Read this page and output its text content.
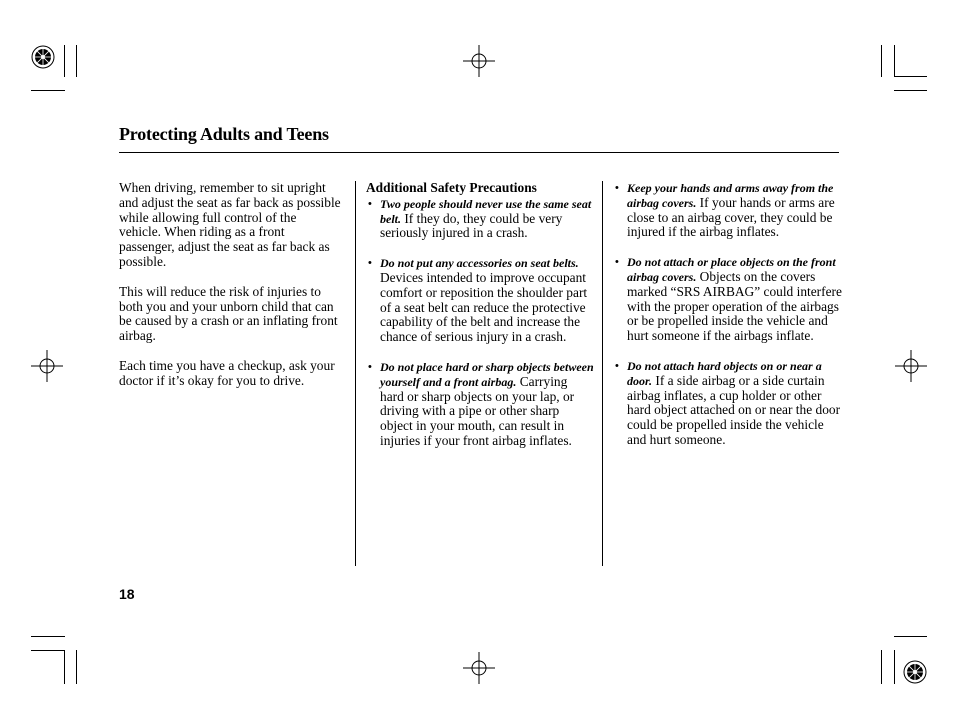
Protecting Adults and Teens

When driving, remember to sit upright and adjust the seat as far back as possible while allowing full control of the vehicle. When riding as a front passenger, adjust the seat as far back as possible.

This will reduce the risk of injuries to both you and your unborn child that can be caused by a crash or an inflating front airbag.

Each time you have a checkup, ask your doctor if it’s okay for you to drive.

Additional Safety Precautions
• Two people should never use the same seat belt. If they do, they could be very seriously injured in a crash.
• Do not put any accessories on seat belts. Devices intended to improve occupant comfort or reposition the shoulder part of a seat belt can reduce the protective capability of the belt and increase the chance of serious injury in a crash.
• Do not place hard or sharp objects between yourself and a front airbag. Carrying hard or sharp objects on your lap, or driving with a pipe or other sharp object in your mouth, can result in injuries if your front airbag inflates.
• Keep your hands and arms away from the airbag covers. If your hands or arms are close to an airbag cover, they could be injured if the airbag inflates.
• Do not attach or place objects on the front airbag covers. Objects on the covers marked “SRS AIRBAG” could interfere with the proper operation of the airbags or be propelled inside the vehicle and hurt someone if the airbags inflate.
• Do not attach hard objects on or near a door. If a side airbag or a side curtain airbag inflates, a cup holder or other hard object attached on or near the door could be propelled inside the vehicle and hurt someone.
18
